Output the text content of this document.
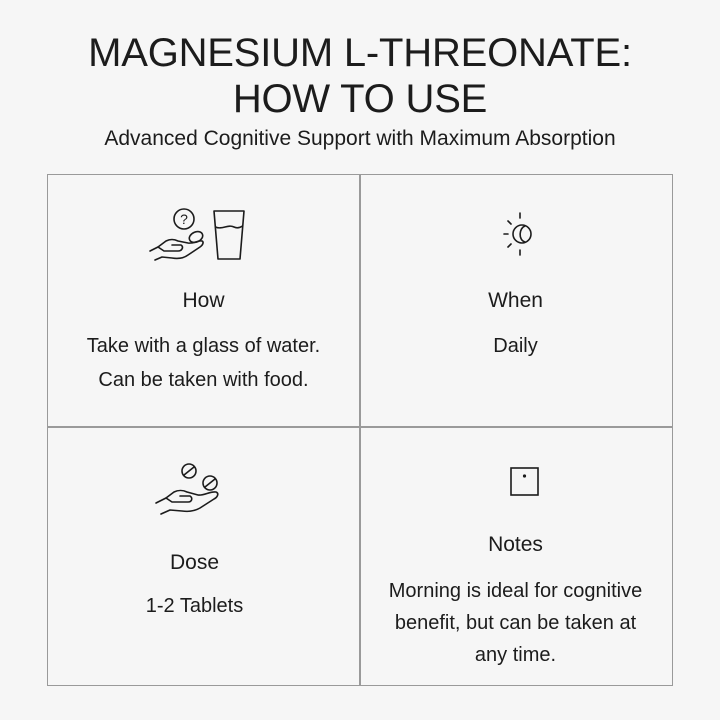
MAGNESIUM L-THREONATE:
HOW TO USE

Advanced Cognitive Support with Maximum Absorption

?

How

Take with a glass of water.
Can be taken with food.

When

Daily

Dose

1-2 Tablets

Notes

Morning is ideal for cognitive
benefit, but can be taken at
any time.
